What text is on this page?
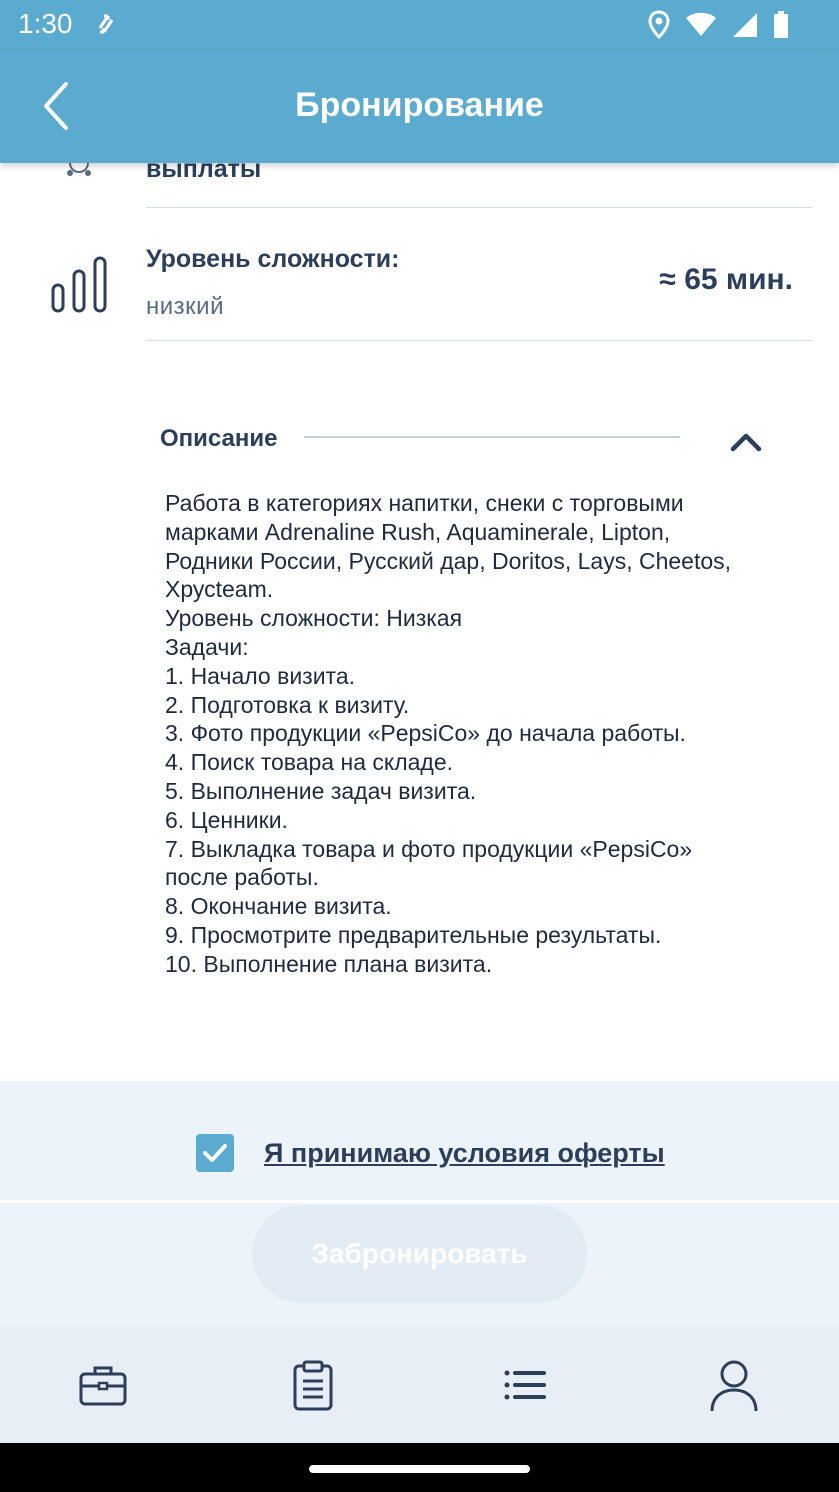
1:30
Бронирование
выплаты
Уровень сложности:
низкий
≈ 65 мин.
Описание
Работа в категориях напитки, снеки с торговыми
марками Adrenaline Rush, Aquaminerale, Lipton,
Родники России, Русский дар, Doritos, Lays, Cheetos,
Хрусteam.
Уровень сложности: Низкая
Задачи:
1. Начало визита.
2. Подготовка к визиту.
3. Фото продукции «PepsiCo» до начала работы.
4. Поиск товара на складе.
5. Выполнение задач визита.
6. Ценники.
7. Выкладка товара и фото продукции «PepsiCo»
после работы.
8. Окончание визита.
9. Просмотрите предварительные результаты.
10. Выполнение плана визита.
Я принимаю условия оферты
Забронировать
